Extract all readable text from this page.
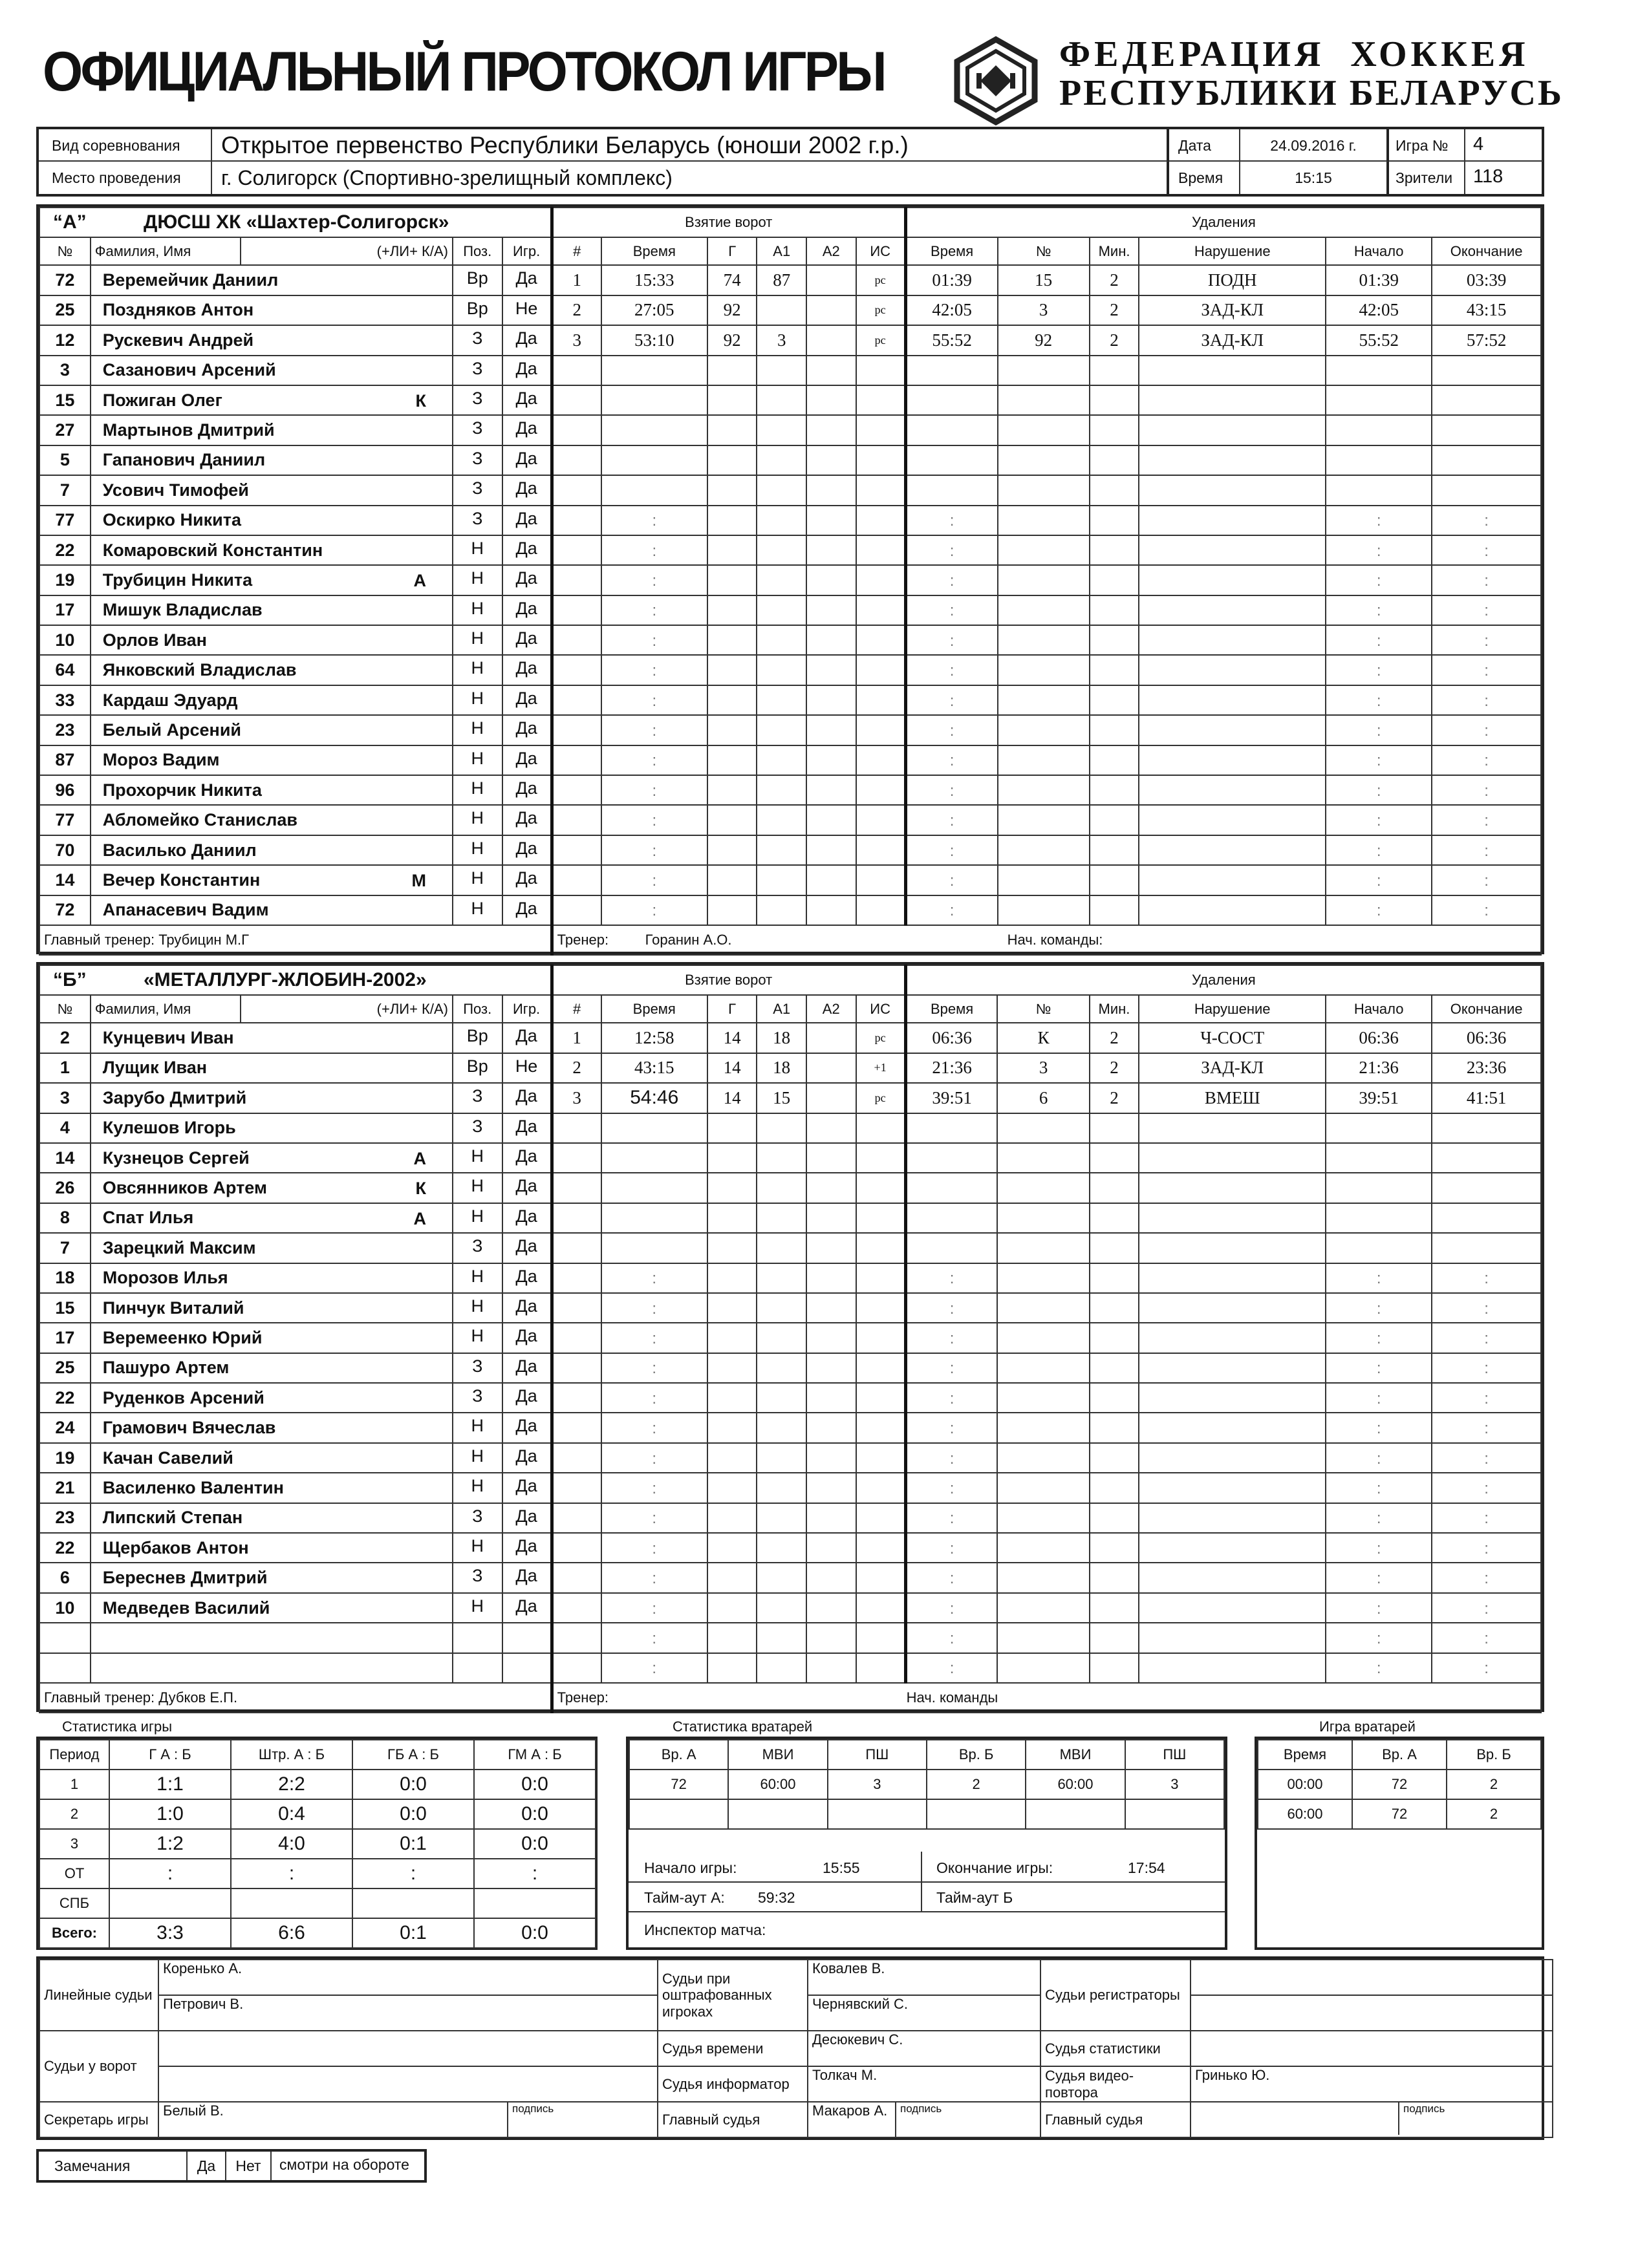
ОФИЦИАЛЬНЫЙ ПРОТОКОЛ ИГРЫ	ФЕДЕРАЦИЯ  ХОККЕЯ
РЕСПУБЛИКИ БЕЛАРУСЬ
Вид соревнования	Открытое первенство Республики Беларусь (юноши 2002 г.р.)
Место проведения	г. Солигорск (Спортивно-зрелищный комплекс)
Дата	24.09.2016 г.
Время	15:15
Игра №	4
Зрители	118
“А” ДЮСШ ХК «Шахтер-Солигорск»					Взятие ворот						Удаления					
№	Фамилия, Имя	(+ЛИ+ К/А)	Поз.	Игр.	#	Время	Г	А1	А2	ИС	Время	№	Мин.	Нарушение	Начало	Окончание
72	Веремейчик Даниил		Вр	Да	1	15:33	74	87		рс	01:39	15	2	ПОДН	01:39	03:39
25	Поздняков Антон		Вр	Не	2	27:05	92			рс	42:05	3	2	ЗАД-КЛ	42:05	43:15
12	Рускевич Андрей		З	Да	3	53:10	92	3		рс	55:52	92	2	ЗАД-КЛ	55:52	57:52
3	Сазанович Арсений		З	Да												
15	Пожиган Олег К		З	Да												
27	Мартынов Дмитрий		З	Да												
5	Гапанович Даниил		З	Да												
7	Усович Тимофей		З	Да												
77	Оскирко Никита		З	Да		:					:				:	:
22	Комаровский Константин		Н	Да		:					:				:	:
19	Трубицин Никита А		Н	Да		:					:				:	:
17	Мишук Владислав		Н	Да		:					:				:	:
10	Орлов Иван		Н	Да		:					:				:	:
64	Янковский Владислав		Н	Да		:					:				:	:
33	Кардаш Эдуард		Н	Да		:					:				:	:
23	Белый Арсений		Н	Да		:					:				:	:
87	Мороз Вадим		Н	Да		:					:				:	:
96	Прохорчик Никита		Н	Да		:					:				:	:
77	Абломейко Станислав		Н	Да		:					:				:	:
70	Василько Даниил		Н	Да		:					:				:	:
14	Вечер Константин М		Н	Да		:					:				:	:
72	Апанасевич Вадим		Н	Да		:					:				:	:
Главный тренер: Трубицин М.Г					Тренер: Горанин А.О. Нач. команды:											
“Б” «МЕТАЛЛУРГ-ЖЛОБИН-2002»					Взятие ворот						Удаления					
№	Фамилия, Имя	(+ЛИ+ К/А)	Поз.	Игр.	#	Время	Г	А1	А2	ИС	Время	№	Мин.	Нарушение	Начало	Окончание
2	Кунцевич Иван		Вр	Да	1	12:58	14	18		рс	06:36	К	2	Ч-СОСТ	06:36	06:36
1	Лущик Иван		Вр	Не	2	43:15	14	18		+1	21:36	3	2	ЗАД-КЛ	21:36	23:36
3	Зарубо Дмитрий		З	Да	3	54:46	14	15		рс	39:51	6	2	ВМЕШ	39:51	41:51
4	Кулешов Игорь		З	Да												
14	Кузнецов Сергей А		Н	Да												
26	Овсянников Артем К		Н	Да												
8	Спат Илья А		Н	Да												
7	Зарецкий Максим		З	Да												
18	Морозов Илья		Н	Да		:					:				:	:
15	Пинчук Виталий		Н	Да		:					:				:	:
17	Веремеенко Юрий		Н	Да		:					:				:	:
25	Пашуро Артем		З	Да		:					:				:	:
22	Руденков Арсений		З	Да		:					:				:	:
24	Грамович Вячеслав		Н	Да		:					:				:	:
19	Качан Савелий		Н	Да		:					:				:	:
21	Василенко Валентин		Н	Да		:					:				:	:
23	Липский Степан		З	Да		:					:				:	:
22	Щербаков Антон		Н	Да		:					:				:	:
6	Береснев Дмитрий		З	Да		:					:				:	:
10	Медведев Василий		Н	Да		:					:				:	:
						:					:				:	:
						:					:				:	:
Главный тренер: Дубков Е.П.					Тренер: Нач. команды											
Статистика игры
Период	Г А : Б	Штр. А : Б	ГБ А : Б	ГМ А : Б
1	1:1	2:2	0:0	0:0
2	1:0	0:4	0:0	0:0
3	1:2	4:0	0:1	0:0
ОТ	:	:	:	:
СПБ				
Всего:	3:3	6:6	0:1	0:0
Статистика вратарей
Вр. А	МВИ	ПШ	Вр. Б	МВИ	ПШ
72	60:00	3	2	60:00	3

Начало игры:	15:55	Окончание игры:	17:54
Тайм-аут А: 59:32	Тайм-аут Б
Инспектор матча:
Игра вратарей
Время	Вр. А	Вр. Б
00:00	72	2
60:00	72	2

Линейные судьи	Коренько А.		Судьи при оштрафованных игроках	Ковалев В.		Судьи регистраторы	
	Петрович В.			Чернявский С.			
Судьи у ворот			Судья времени	Десюкевич С.		Судья статистики	
			Судья информатор	Толкач М.		Судья видео-повтора	Гринько Ю.
Секретарь игры	Белый В.	подпись	Главный судья	Макаров А.	подпись	Главный судья	подпись
Замечания	Да	Нет	смотри на обороте
